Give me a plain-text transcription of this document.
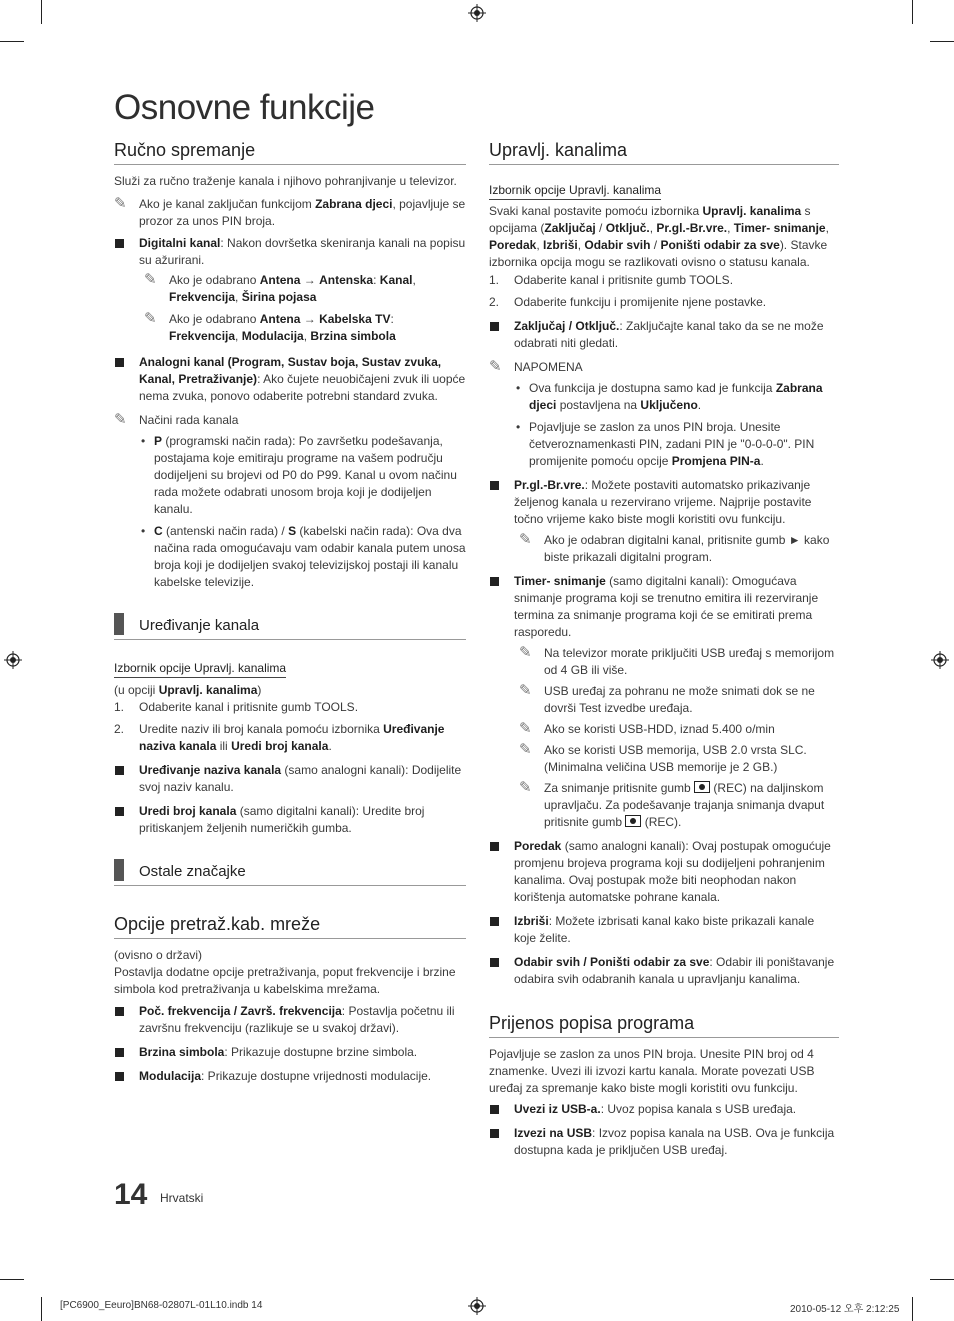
Osnovne funkcije
Ručno spremanje

Služi za ručno traženje kanala i njihovo pohranjivanje u televizor.

✎ Ako je kanal zaključan funkcijom Zabrana djeci, pojavljuje se prozor za unos PIN broja.
Digitalni kanal: Nakon dovršetka skeniranja kanali na popisu su ažurirani.
✎ Ako je odabrano Antena → Antenska: Kanal, Frekvencija, Širina pojasa
✎ Ako je odabrano Antena → Kabelska TV: Frekvencija, Modulacija, Brzina simbola
Analogni kanal (Program, Sustav boja, Sustav zvuka, Kanal, Pretraživanje): Ako čujete neuobičajeni zvuk ili uopće nema zvuka, ponovo odaberite potrebni standard zvuka.
✎ Načini rada kanala
• P (programski način rada): Po završetku podešavanja, postajama koje emitiraju programe na vašem području dodijeljeni su brojevi od P0 do P99. Kanal u ovom načinu rada možete odabrati unosom broja koji je dodijeljen kanalu.
• C (antenski način rada) / S (kabelski način rada): Ova dva načina rada omogućavaju vam odabir kanala putem unosa broja koji je dodijeljen svakoj televizijskoj postaji ili kanalu kabelske televizije.
Uređivanje kanala

Izbornik opcije Upravlj. kanalima

(u opciji Upravlj. kanalima)

1. Odaberite kanal i pritisnite gumb TOOLS.
2. Uredite naziv ili broj kanala pomoću izbornika Uređivanje naziva kanala ili Uredi broj kanala.
Uređivanje naziva kanala (samo analogni kanali): Dodijelite svoj naziv kanalu.
Uredi broj kanala (samo digitalni kanali): Uredite broj pritiskanjem željenih numeričkih gumba.
Ostale značajke
Opcije pretraž.kab. mreže

(ovisno o državi)

Postavlja dodatne opcije pretraživanja, poput frekvencije i brzine simbola kod pretraživanja u kabelskima mrežama.

Poč. frekvencija / Završ. frekvencija: Postavlja početnu ili završnu frekvenciju (razlikuje se u svakoj državi).
Brzina simbola: Prikazuje dostupne brzine simbola.
Modulacija: Prikazuje dostupne vrijednosti modulacije.
Upravlj. kanalima

Izbornik opcije Upravlj. kanalima

Svaki kanal postavite pomoću izbornika Upravlj. kanalima s opcijama (Zaključaj / Otključ., Pr.gl.-Br.vre., Timer- snimanje, Poredak, Izbriši, Odabir svih / Poništi odabir za sve). Stavke izbornika opcija mogu se razlikovati ovisno o statusu kanala.

1. Odaberite kanal i pritisnite gumb TOOLS.
2. Odaberite funkciju i promijenite njene postavke.
Zaključaj / Otključ.: Zaključajte kanal tako da se ne može odabrati niti gledati.
✎ NAPOMENA
• Ova funkcija je dostupna samo kad je funkcija Zabrana djeci postavljena na Uključeno.
• Pojavljuje se zaslon za unos PIN broja. Unesite četveroznamenkasti PIN, zadani PIN je "0-0-0-0". PIN promijenite pomoću opcije Promjena PIN-a.
Pr.gl.-Br.vre.: Možete postaviti automatsko prikazivanje željenog kanala u rezervirano vrijeme. Najprije postavite točno vrijeme kako biste mogli koristiti ovu funkciju.
✎ Ako je odabran digitalni kanal, pritisnite gumb ► kako biste prikazali digitalni program.
Timer- snimanje (samo digitalni kanali): Omogućava snimanje programa koji se trenutno emitira ili rezerviranje termina za snimanje programa koji će se emitirati prema rasporedu.
✎ Na televizor morate priključiti USB uređaj s memorijom od 4 GB ili više.
✎ USB uređaj za pohranu ne može snimati dok se ne dovrši Test izvedbe uređaja.
✎ Ako se koristi USB-HDD, iznad 5.400 o/min
✎ Ako se koristi USB memorija, USB 2.0 vrsta SLC. (Minimalna veličina USB memorije je 2 GB.)
✎ Za snimanje pritisnite gumb  (REC) na daljinskom upravljaču. Za podešavanje trajanja snimanja dvaput pritisnite gumb  (REC).
Poredak (samo analogni kanali): Ovaj postupak omogućuje promjenu brojeva programa koji su dodijeljeni pohranjenim kanalima. Ovaj postupak može biti neophodan nakon korištenja automatske pohrane kanala.
Izbriši: Možete izbrisati kanal kako biste prikazali kanale koje želite.
Odabir svih / Poništi odabir za sve: Odabir ili poništavanje odabira svih odabranih kanala u upravljanju kanalima.
Prijenos popisa programa

Pojavljuje se zaslon za unos PIN broja. Unesite PIN broj od 4 znamenke. Uvezi ili izvozi kartu kanala. Morate povezati USB uređaj za spremanje kako biste mogli koristiti ovu funkciju.

Uvezi iz USB-a.: Uvoz popisa kanala s USB uređaja.
Izvezi na USB: Izvoz popisa kanala na USB. Ova je funkcija dostupna kada je priključen USB uređaj.
14 Hrvatski
[PC6900_Eeuro]BN68-02807L-01L10.indb 14	2010-05-12 오후 2:12:25
